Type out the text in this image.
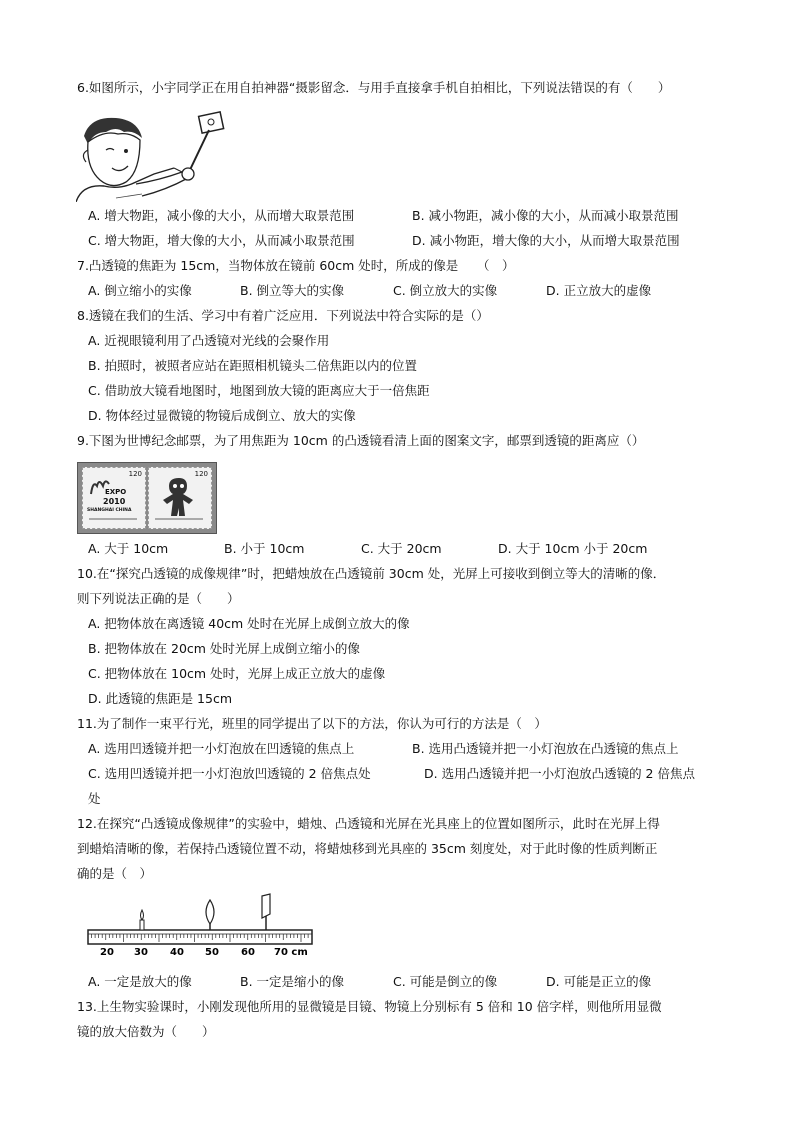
6.如图所示，小宇同学正在用自拍神器“摄影留念．与用手直接拿手机自拍相比，下列说法错误的有（　　）
A. 增大物距，减小像的大小，从而增大取景范围	B. 减小物距，减小像的大小，从而减小取景范围
C. 增大物距，增大像的大小，从而减小取景范围	D. 减小物距，增大像的大小，从而增大取景范围
7.凸透镜的焦距为 15cm，当物体放在镜前 60cm 处时，所成的像是　　（　）
A. 倒立缩小的实像	B. 倒立等大的实像	C. 倒立放大的实像	D. 正立放大的虚像
8.透镜在我们的生活、学习中有着广泛应用．下列说法中符合实际的是（）
A. 近视眼镜利用了凸透镜对光线的会聚作用
B. 拍照时，被照者应站在距照相机镜头二倍焦距以内的位置
C. 借助放大镜看地图时，地图到放大镜的距离应大于一倍焦距
D. 物体经过显微镜的物镜后成倒立、放大的实像
9.下图为世博纪念邮票，为了用焦距为 10cm 的凸透镜看清上面的图案文字，邮票到透镜的距离应（）
120
EXPO
2010
SHANGHAI CHINA
120
A. 大于 10cm	B. 小于 10cm	C. 大于 20cm	D. 大于 10cm 小于 20cm
10.在“探究凸透镜的成像规律”时，把蜡烛放在凸透镜前 30cm 处，光屏上可接收到倒立等大的清晰的像．
则下列说法正确的是（　　）
A. 把物体放在离透镜 40cm 处时在光屏上成倒立放大的像
B. 把物体放在 20cm 处时光屏上成倒立缩小的像
C. 把物体放在 10cm 处时，光屏上成正立放大的虚像
D. 此透镜的焦距是 15cm
11.为了制作一束平行光，班里的同学提出了以下的方法，你认为可行的方法是（　）
A. 选用凹透镜并把一小灯泡放在凹透镜的焦点上	B. 选用凸透镜并把一小灯泡放在凸透镜的焦点上
C. 选用凹透镜并把一小灯泡放凹透镜的 2 倍焦点处	D. 选用凸透镜并把一小灯泡放凸透镜的 2 倍焦点
处
12.在探究“凸透镜成像规律”的实验中，蜡烛、凸透镜和光屏在光具座上的位置如图所示，此时在光屏上得
到蜡焰清晰的像，若保持凸透镜位置不动，将蜡烛移到光具座的 35cm 刻度处，对于此时像的性质判断正
确的是（　）
20 30 40 50 60 70 cm
A. 一定是放大的像	B. 一定是缩小的像	C. 可能是倒立的像	D. 可能是正立的像
13.上生物实验课时，小刚发现他所用的显微镜是目镜、物镜上分别标有 5 倍和 10 倍字样，则他所用显微
镜的放大倍数为（　　）
